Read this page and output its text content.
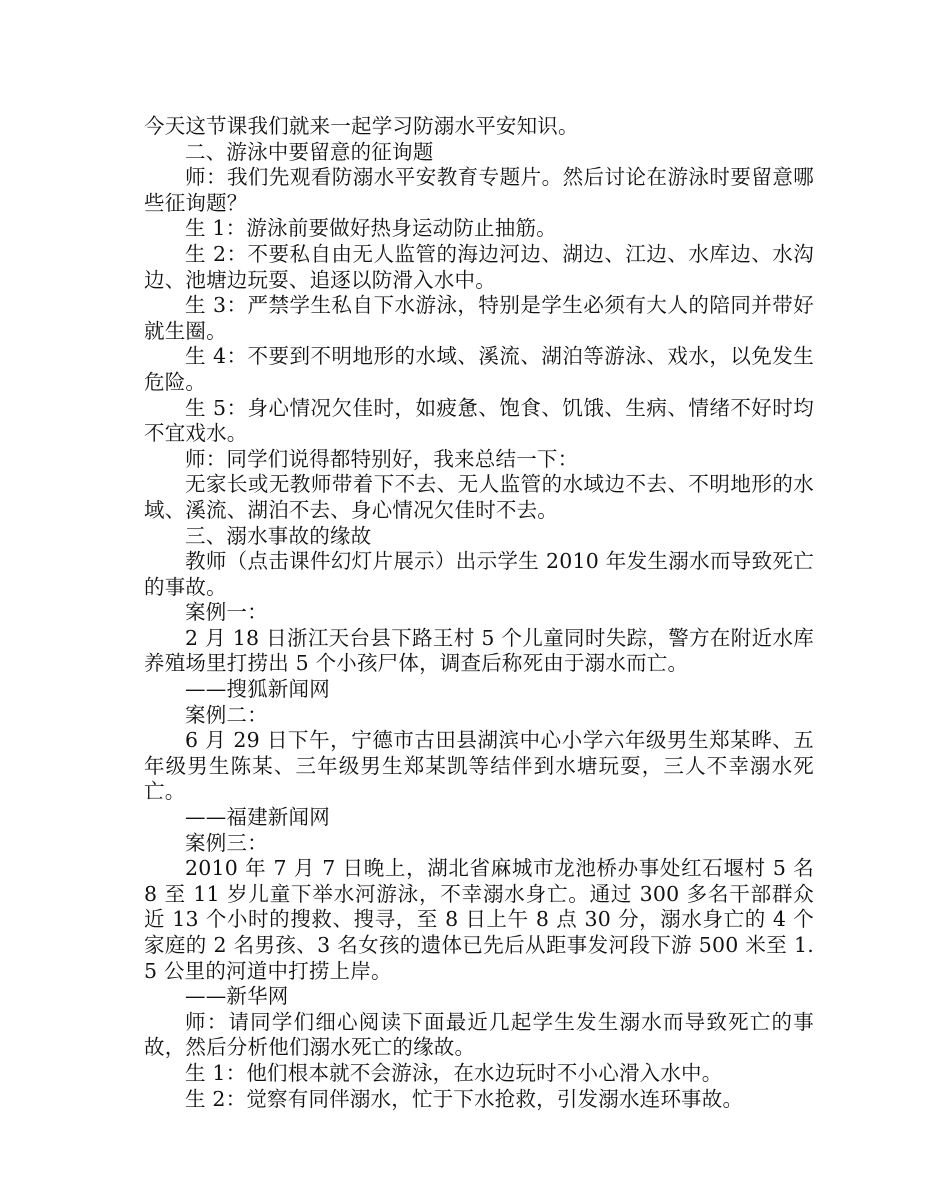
今天这节课我们就来一起学习防溺水平安知识。

二、游泳中要留意的征询题

师：我们先观看防溺水平安教育专题片。然后讨论在游泳时要留意哪些征询题？

生 1：游泳前要做好热身运动防止抽筋。

生 2：不要私自由无人监管的海边河边、湖边、江边、水库边、水沟边、池塘边玩耍、追逐以防滑入水中。

生 3：严禁学生私自下水游泳，特别是学生必须有大人的陪同并带好就生圈。

生 4：不要到不明地形的水域、溪流、湖泊等游泳、戏水，以免发生危险。

生 5：身心情况欠佳时，如疲惫、饱食、饥饿、生病、情绪不好时均不宜戏水。

师：同学们说得都特别好，我来总结一下：

无家长或无教师带着下不去、无人监管的水域边不去、不明地形的水域、溪流、湖泊不去、身心情况欠佳时不去。

三、溺水事故的缘故

教师（点击课件幻灯片展示）出示学生 2010 年发生溺水而导致死亡的事故。

案例一：

2 月 18 日浙江天台县下路王村 5 个儿童同时失踪，警方在附近水库养殖场里打捞出 5 个小孩尸体，调查后称死由于溺水而亡。

——搜狐新闻网

案例二：

6 月 29 日下午，宁德市古田县湖滨中心小学六年级男生郑某晔、五年级男生陈某、三年级男生郑某凯等结伴到水塘玩耍，三人不幸溺水死亡。

——福建新闻网

案例三：

2010 年 7 月 7 日晚上，湖北省麻城市龙池桥办事处红石堰村 5 名 8 至 11 岁儿童下举水河游泳，不幸溺水身亡。通过 300 多名干部群众近 13 个小时的搜救、搜寻，至 8 日上午 8 点 30 分，溺水身亡的 4 个家庭的 2 名男孩、3 名女孩的遗体已先后从距事发河段下游 500 米至 1.5 公里的河道中打捞上岸。

——新华网

师：请同学们细心阅读下面最近几起学生发生溺水而导致死亡的事故，然后分析他们溺水死亡的缘故。

生 1：他们根本就不会游泳，在水边玩时不小心滑入水中。

生 2：觉察有同伴溺水，忙于下水抢救，引发溺水连环事故。
